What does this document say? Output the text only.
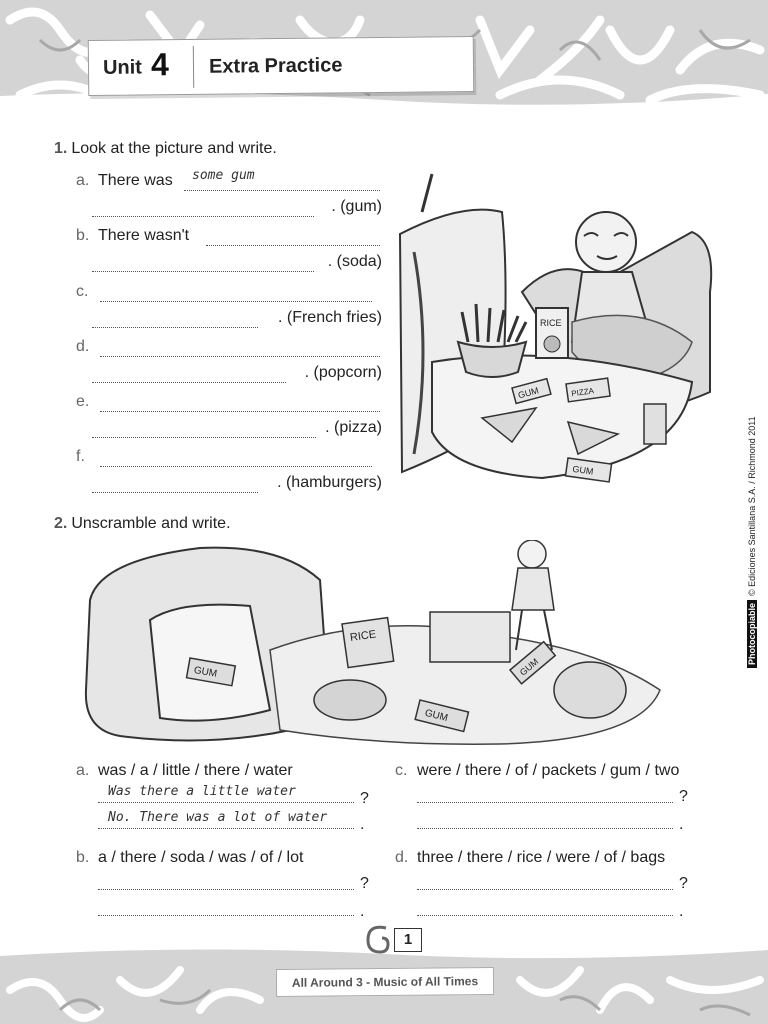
Unit 4 Extra Practice
1. Look at the picture and write.
a. There was some gum
. (gum)
b. There wasn't
. (soda)
c.
. (French fries)
d.
. (popcorn)
e.
. (pizza)
f.
. (hamburgers)
RICE
GUM	PIZZA
GUM
2. Unscramble and write.
GUM
RICE
GUM
GUM
a. was / a / little / there / water
Was there a little water	?
No. There was a lot of water .
b. a / there / soda / was / of / lot
?
.
c. were / there / of / packets / gum / two
?
.
d. three / there / rice / were / of / bags
?
.
Photocopiable© Ediciones Santillana S.A. / Richmond 2011
1
All Around 3 - Music of All Times
